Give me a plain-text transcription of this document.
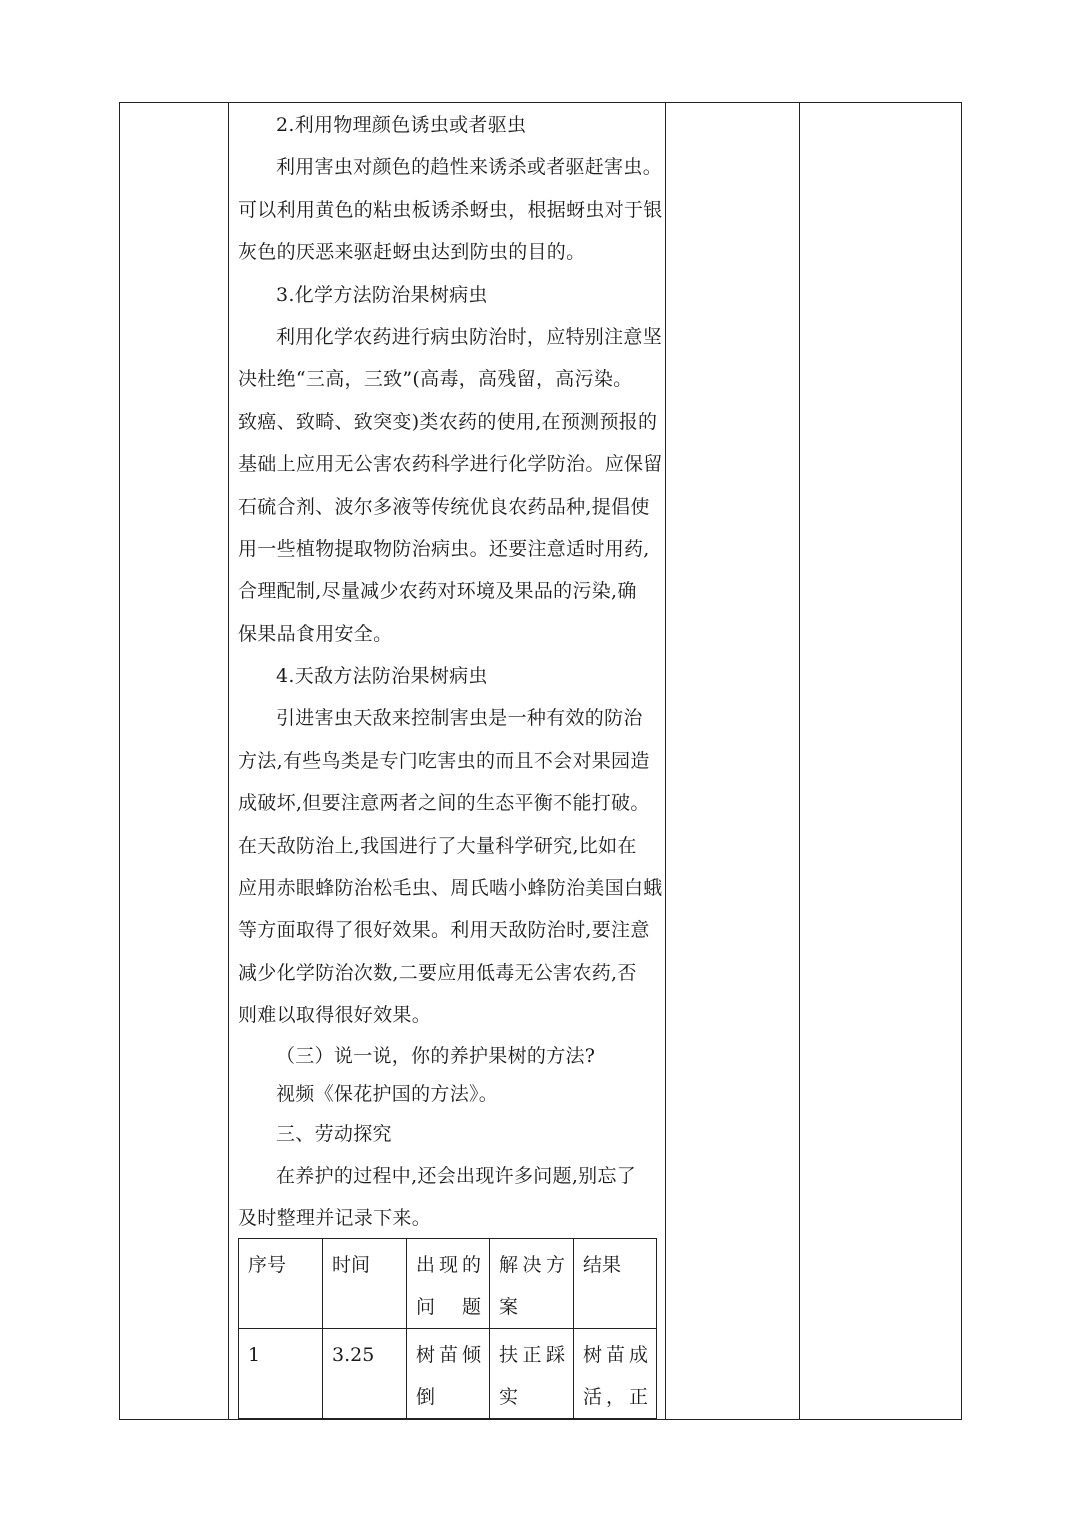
2.利用物理颜色诱虫或者驱虫
利用害虫对颜色的趋性来诱杀或者驱赶害虫。
可以利用黄色的粘虫板诱杀蚜虫，根据蚜虫对于银
灰色的厌恶来驱赶蚜虫达到防虫的目的。
3.化学方法防治果树病虫
利用化学农药进行病虫防治时，应特别注意坚
决杜绝“三高，三致”(高毒，高残留，高污染。
致癌、致畸、致突变)类农药的使用,在预测预报的
基础上应用无公害农药科学进行化学防治。应保留
石硫合剂、波尔多液等传统优良农药品种,提倡使
用一些植物提取物防治病虫。还要注意适时用药,
合理配制,尽量减少农药对环境及果品的污染,确
保果品食用安全。
4.天敌方法防治果树病虫
引进害虫天敌来控制害虫是一种有效的防治
方法,有些鸟类是专门吃害虫的而且不会对果园造
成破坏,但要注意两者之间的生态平衡不能打破。
在天敌防治上,我国进行了大量科学研究,比如在
应用赤眼蜂防治松毛虫、周氏啮小蜂防治美国白蛾
等方面取得了很好效果。利用天敌防治时,要注意
减少化学防治次数,二要应用低毒无公害农药,否
则难以取得很好效果。
（三）说一说，你的养护果树的方法?
视频《保花护国的方法》。
三、劳动探究
在养护的过程中,还会出现许多问题,别忘了
及时整理并记录下来。
序号	时间	出现的问题	解决方案	结果
1	3.25	树苗倾倒	扶正踩实	树苗成活，正
